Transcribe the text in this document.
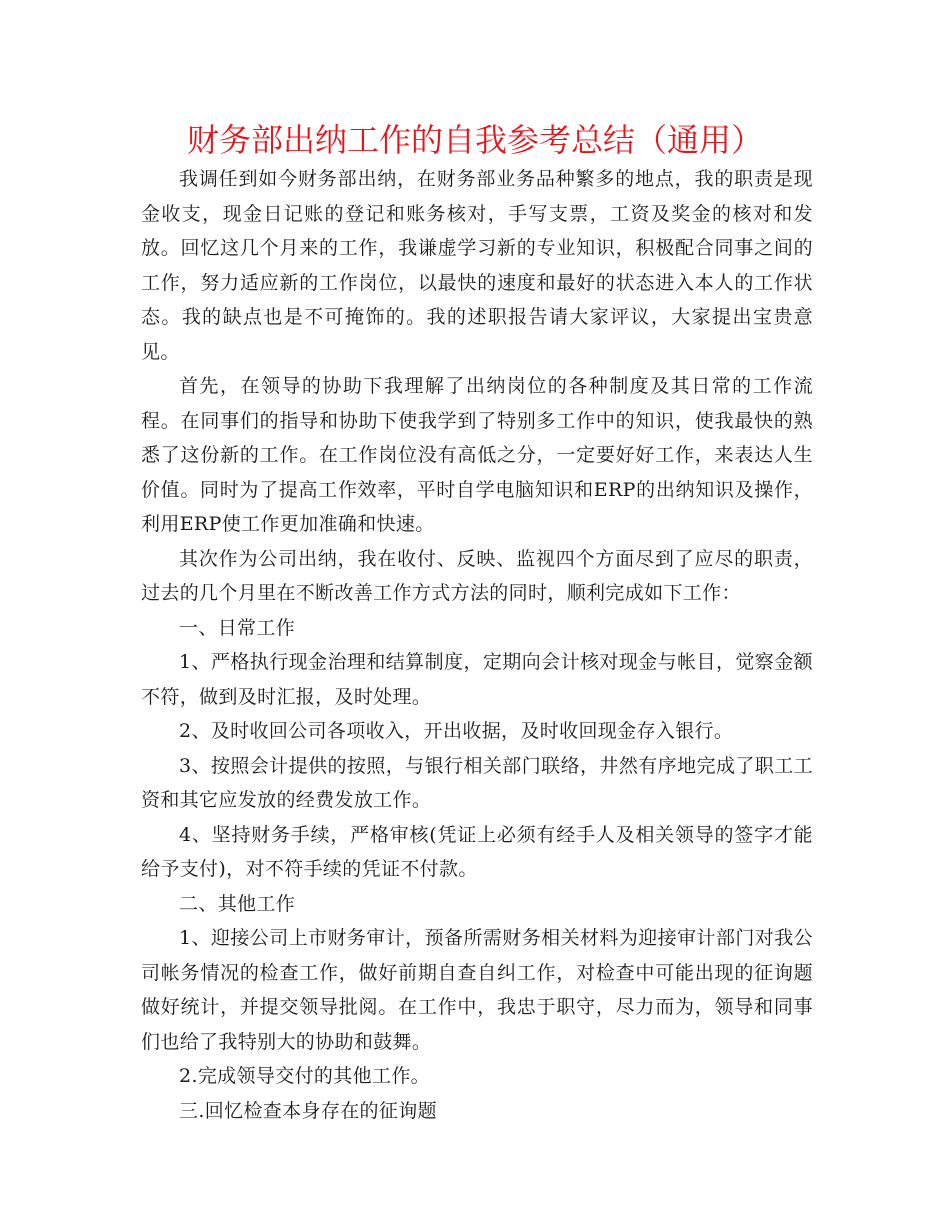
财务部出纳工作的自我参考总结（通用）

我调任到如今财务部出纳，在财务部业务品种繁多的地点，我的职责是现金收支，现金日记账的登记和账务核对，手写支票，工资及奖金的核对和发放。回忆这几个月来的工作，我谦虚学习新的专业知识，积极配合同事之间的工作，努力适应新的工作岗位，以最快的速度和最好的状态进入本人的工作状态。我的缺点也是不可掩饰的。我的述职报告请大家评议，大家提出宝贵意见。

首先，在领导的协助下我理解了出纳岗位的各种制度及其日常的工作流程。在同事们的指导和协助下使我学到了特别多工作中的知识，使我最快的熟悉了这份新的工作。在工作岗位没有高低之分，一定要好好工作，来表达人生价值。同时为了提高工作效率，平时自学电脑知识和ERP的出纳知识及操作，利用ERP使工作更加准确和快速。

其次作为公司出纳，我在收付、反映、监视四个方面尽到了应尽的职责，过去的几个月里在不断改善工作方式方法的同时，顺利完成如下工作：

一、日常工作

1、严格执行现金治理和结算制度，定期向会计核对现金与帐目，觉察金额不符，做到及时汇报，及时处理。

2、及时收回公司各项收入，开出收据，及时收回现金存入银行。

3、按照会计提供的按照，与银行相关部门联络，井然有序地完成了职工工资和其它应发放的经费发放工作。

4、坚持财务手续，严格审核(凭证上必须有经手人及相关领导的签字才能给予支付)，对不符手续的凭证不付款。

二、其他工作

1、迎接公司上市财务审计，预备所需财务相关材料为迎接审计部门对我公司帐务情况的检查工作，做好前期自查自纠工作，对检查中可能出现的征询题做好统计，并提交领导批阅。在工作中，我忠于职守，尽力而为，领导和同事们也给了我特别大的协助和鼓舞。

2.完成领导交付的其他工作。

三.回忆检查本身存在的征询题
